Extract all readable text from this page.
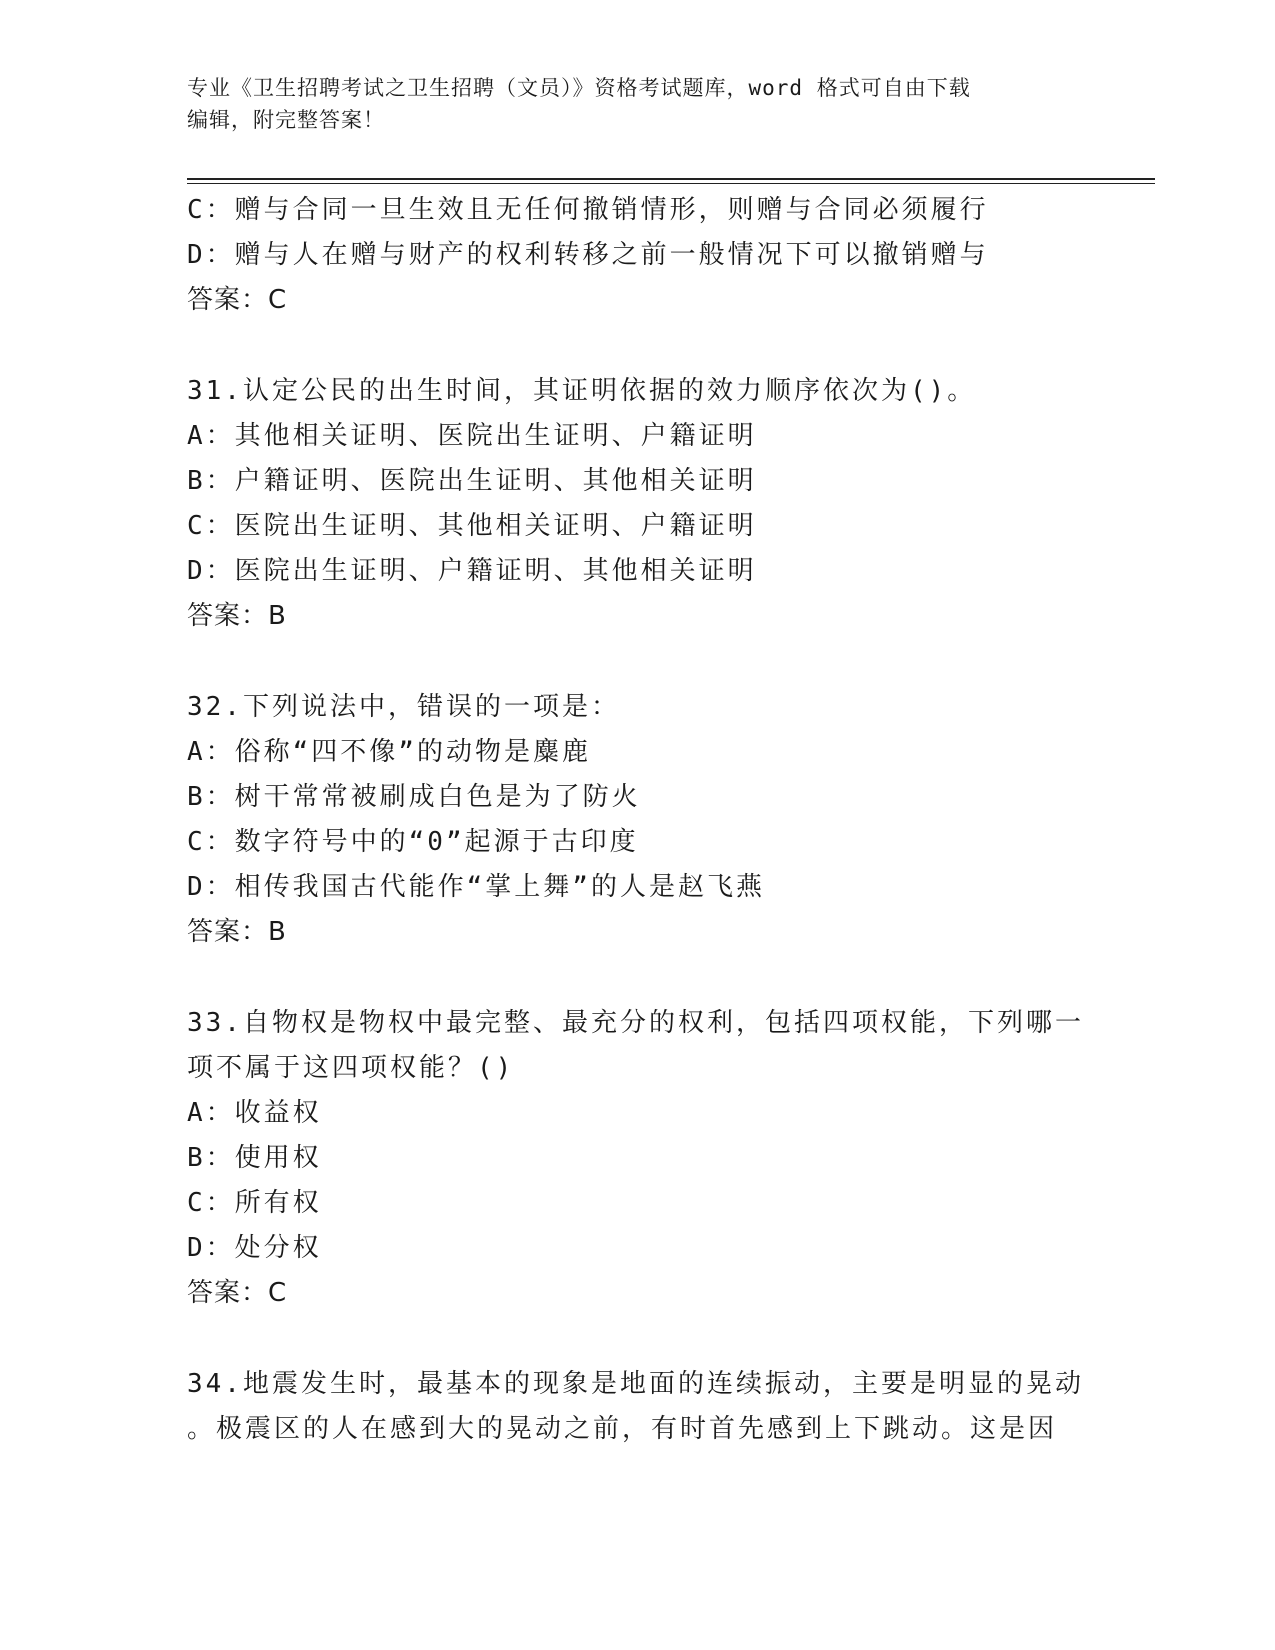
专业《卫生招聘考试之卫生招聘（文员）》资格考试题库，word 格式可自由下载
编辑，附完整答案！
C：赠与合同一旦生效且无任何撤销情形，则赠与合同必须履行
D：赠与人在赠与财产的权利转移之前一般情况下可以撤销赠与
答案：C
31.认定公民的出生时间，其证明依据的效力顺序依次为()。
A：其他相关证明、医院出生证明、户籍证明
B：户籍证明、医院出生证明、其他相关证明
C：医院出生证明、其他相关证明、户籍证明
D：医院出生证明、户籍证明、其他相关证明
答案：B
32.下列说法中，错误的一项是：
A：俗称“四不像”的动物是麋鹿
B：树干常常被刷成白色是为了防火
C：数字符号中的“0”起源于古印度
D：相传我国古代能作“掌上舞”的人是赵飞燕
答案：B
33.自物权是物权中最完整、最充分的权利，包括四项权能，下列哪一
项不属于这四项权能？()
A：收益权
B：使用权
C：所有权
D：处分权
答案：C
34.地震发生时，最基本的现象是地面的连续振动，主要是明显的晃动
。极震区的人在感到大的晃动之前，有时首先感到上下跳动。这是因
